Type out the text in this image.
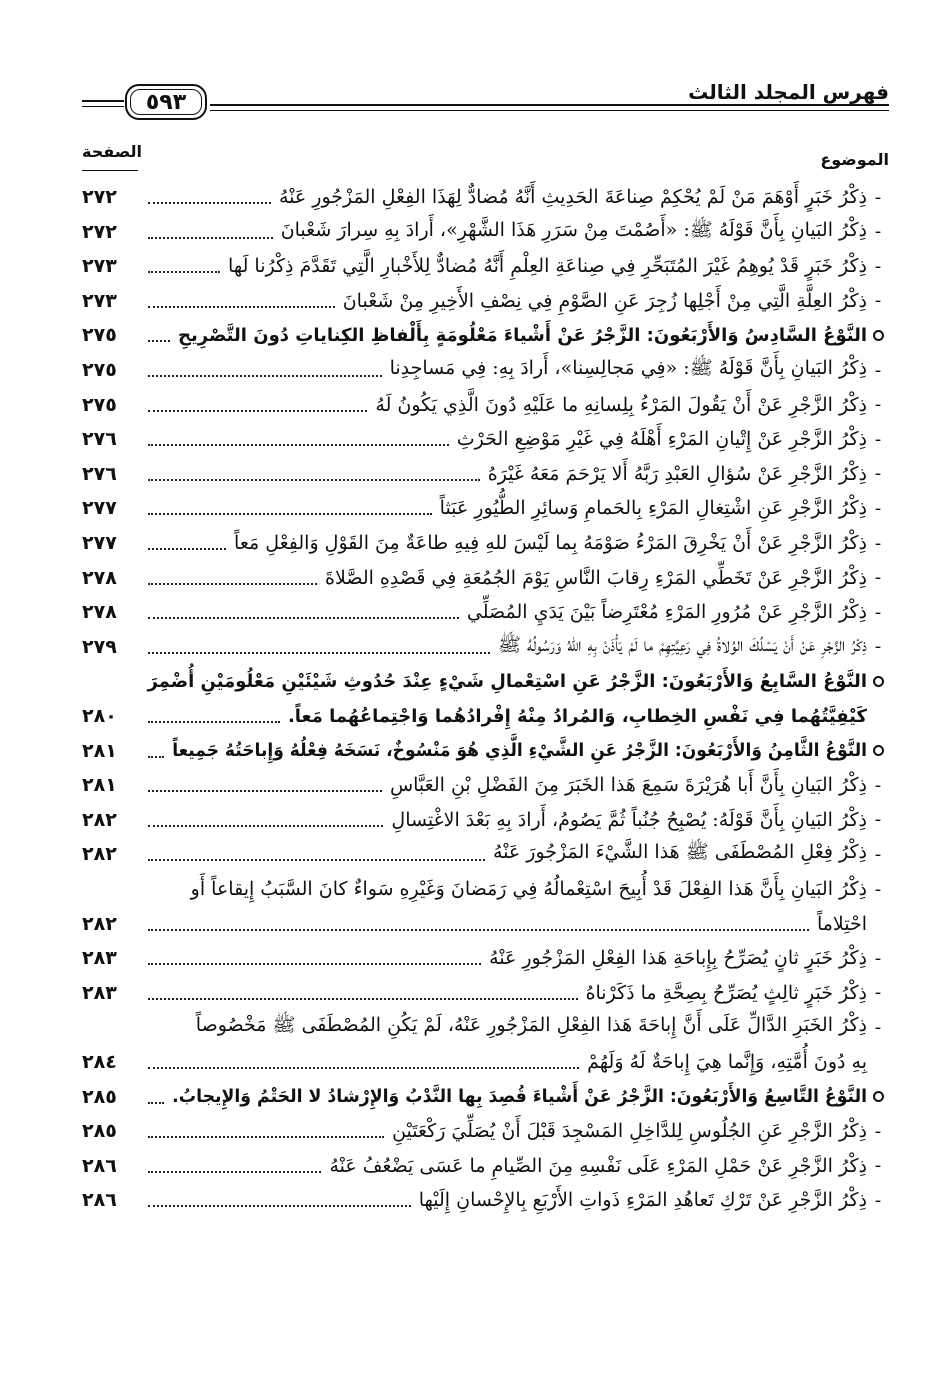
فهرس المجلد الثالث
٥٩٣
الموضوع
الصفحة
-
ذِكْرُ خَبَرٍ أَوْهَمَ مَنْ لَمْ يُحْكِمْ صِناعَةَ الحَدِيثِ أَنَّهُ مُضادٌّ لِهَذَا الفِعْلِ المَزْجُورِ عَنْهُ
٢٧٢
-
ذِكْرُ البَيانِ بِأَنَّ قَوْلَهُ ﷺ: «أَصُمْتَ مِنْ سَرَرِ هَذَا الشَّهْرِ»، أَرادَ بِهِ سِرارَ شَعْبانَ
٢٧٢
-
ذِكْرُ خَبَرٍ قَدْ يُوهِمُ غَيْرَ المُتَبَحِّرِ فِي صِناعَةِ العِلْمِ أَنَّهُ مُضادٌّ لِلأَخْبارِ الَّتِي تَقَدَّمَ ذِكْرُنا لَها
٢٧٣
-
ذِكْرُ العِلَّةِ الَّتِي مِنْ أَجْلِها زُجِرَ عَنِ الصَّوْمِ فِي نِصْفِ الأَخِيرِ مِنْ شَعْبانَ
٢٧٣
النَّوْعُ السَّادِسُ وَالأَرْبَعُونَ: الزَّجْرُ عَنْ أَشْياءَ مَعْلُومَةٍ بِأَلْفاظِ الكِناياتِ دُونَ التَّصْرِيحِ
٢٧٥
-
ذِكْرُ البَيانِ بِأَنَّ قَوْلَهُ ﷺ: «فِي مَجالِسِنا»، أَرادَ بِهِ: فِي مَساجِدِنا
٢٧٥
-
ذِكْرُ الزَّجْرِ عَنْ أَنْ يَقُولَ المَرْءُ بِلِسانِهِ ما عَلَيْهِ دُونَ الَّذِي يَكُونُ لَهُ
٢٧٥
-
ذِكْرُ الزَّجْرِ عَنْ إِتْيانِ المَرْءِ أَهْلَهُ فِي غَيْرِ مَوْضِعِ الحَرْثِ
٢٧٦
-
ذِكْرُ الزَّجْرِ عَنْ سُؤالِ العَبْدِ رَبَّهُ أَلا يَرْحَمَ مَعَهُ غَيْرَهُ
٢٧٦
-
ذِكْرُ الزَّجْرِ عَنِ اشْتِغالِ المَرْءِ بِالحَمامِ وَسائِرِ الطُّيُورِ عَبَثاً
٢٧٧
-
ذِكْرُ الزَّجْرِ عَنْ أَنْ يَخْرِقَ المَرْءُ صَوْمَهُ بِما لَيْسَ للهِ فِيهِ طاعَةٌ مِنَ القَوْلِ وَالفِعْلِ مَعاً
٢٧٧
-
ذِكْرُ الزَّجْرِ عَنْ تَخَطِّي المَرْءِ رِقابَ النَّاسِ يَوْمَ الجُمُعَةِ فِي قَصْدِهِ الصَّلاةَ
٢٧٨
-
ذِكْرُ الزَّجْرِ عَنْ مُرُورِ المَرْءِ مُعْتَرِضاً بَيْنَ يَدَيِ المُصَلِّي
٢٧٨
-
ذِكْرُ الزَّجْرِ عَنْ أَنْ يَسْلُكَ الوُلاةُ فِي رَعِيَّتِهِمْ ما لَمْ يَأْذَنْ بِهِ اللهُ وَرَسُولُهُ ﷺ
٢٧٩
النَّوْعُ السَّابِعُ وَالأَرْبَعُونَ: الزَّجْرُ عَنِ اسْتِعْمالِ شَيْءٍ عِنْدَ حُدُوثِ شَيْئَيْنِ مَعْلُومَيْنِ أُضْمِرَ
كَيْفِيَّتُهُما فِي نَفْسِ الخِطابِ، وَالمُرادُ مِنْهُ إِفْرادُهُما وَاجْتِماعُهُما مَعاً.
٢٨٠
النَّوْعُ الثَّامِنُ وَالأَرْبَعُونَ: الزَّجْرُ عَنِ الشَّيْءِ الَّذِي هُوَ مَنْسُوخٌ، نَسَخَهُ فِعْلُهُ وَإِباحَتُهُ جَمِيعاً
٢٨١
-
ذِكْرُ البَيانِ بِأَنَّ أَبا هُرَيْرَةَ سَمِعَ هَذا الخَبَرَ مِنَ الفَضْلِ بْنِ العَبَّاسِ
٢٨١
-
ذِكْرُ البَيانِ بِأَنَّ قَوْلَهُ: يُصْبِحُ جُنُباً ثُمَّ يَصُومُ، أَرادَ بِهِ بَعْدَ الاغْتِسالِ
٢٨٢
-
ذِكْرُ فِعْلِ المُصْطَفَى ﷺ هَذا الشَّيْءَ المَزْجُورَ عَنْهُ
٢٨٢
-
ذِكْرُ البَيانِ بِأَنَّ هَذا الفِعْلَ قَدْ أُبِيحَ اسْتِعْمالُهُ فِي رَمَضانَ وَغَيْرِهِ سَواءٌ كانَ السَّبَبُ إِيقاعاً أَو
احْتِلاماً
٢٨٢
-
ذِكْرُ خَبَرٍ ثانٍ يُصَرِّحُ بِإِباحَةِ هَذا الفِعْلِ المَزْجُورِ عَنْهُ
٢٨٣
-
ذِكْرُ خَبَرٍ ثالِثٍ يُصَرِّحُ بِصِحَّةِ ما ذَكَرْناهُ
٢٨٣
-
ذِكْرُ الخَبَرِ الدَّالِّ عَلَى أَنَّ إِباحَةَ هَذا الفِعْلِ المَزْجُورِ عَنْهُ، لَمْ يَكُنِ المُصْطَفَى ﷺ مَخْصُوصاً
بِهِ دُونَ أُمَّتِهِ، وَإِنَّما هِيَ إِباحَةٌ لَهُ وَلَهُمْ
٢٨٤
النَّوْعُ التَّاسِعُ وَالأَرْبَعُونَ: الزَّجْرُ عَنْ أَشْياءَ قُصِدَ بِها النَّدْبُ وَالإِرْشادُ لا الحَتْمُ وَالإِيجابُ.
٢٨٥
-
ذِكْرُ الزَّجْرِ عَنِ الجُلُوسِ لِلدَّاخِلِ المَسْجِدَ قَبْلَ أَنْ يُصَلِّيَ رَكْعَتَيْنِ
٢٨٥
-
ذِكْرُ الزَّجْرِ عَنْ حَمْلِ المَرْءِ عَلَى نَفْسِهِ مِنَ الصِّيامِ ما عَسَى يَضْعُفُ عَنْهُ
٢٨٦
-
ذِكْرُ الزَّجْرِ عَنْ تَرْكِ تَعاهُدِ المَرْءِ ذَواتِ الأَرْبَعِ بِالإِحْسانِ إِلَيْها
٢٨٦
